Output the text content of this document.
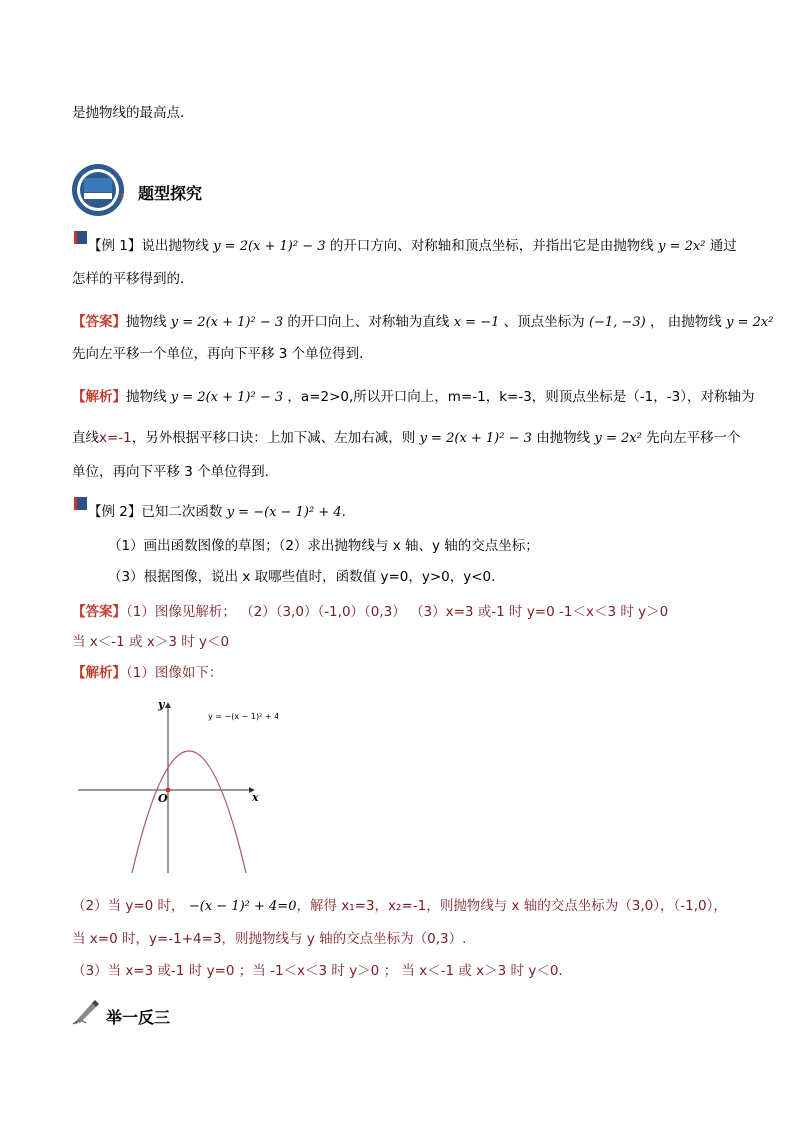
是抛物线的最高点．
题型探究
【例 1】说出抛物线 y = 2(x + 1)² − 3 的开口方向、对称轴和顶点坐标，并指出它是由抛物线 y = 2x² 通过
怎样的平移得到的．
【答案】抛物线 y = 2(x + 1)² − 3 的开口向上、对称轴为直线 x = −1 、顶点坐标为 (−1, −3) ， 由抛物线 y = 2x²
先向左平移一个单位，再向下平移 3 个单位得到．
【解析】抛物线 y = 2(x + 1)² − 3 ，a=2>0,所以开口向上，m=-1，k=-3，则顶点坐标是（-1，-3），对称轴为
直线x=-1，另外根据平移口诀：上加下减、左加右减，则 y = 2(x + 1)² − 3 由抛物线 y = 2x² 先向左平移一个
单位，再向下平移 3 个单位得到．
【例 2】已知二次函数 y = −(x − 1)² + 4.
（1）画出函数图像的草图；（2）求出抛物线与 x 轴、y 轴的交点坐标；
（3）根据图像，说出 x 取哪些值时，函数值 y=0，y>0，y<0.
【答案】（1）图像见解析； （2）（3,0）（-1,0）（0,3） （3）x=3 或-1 时 y=0 -1＜x＜3 时 y＞0
当 x＜-1 或 x＞3 时 y＜0
【解析】（1）图像如下：
x
y
O
y = −(x − 1)² + 4
（2）当 y=0 时， −(x − 1)² + 4=0，解得 x₁=3，x₂=-1，则抛物线与 x 轴的交点坐标为（3,0），（-1,0），
当 x=0 时，y=-1+4=3，则抛物线与 y 轴的交点坐标为（0,3）.
（3）当 x=3 或-1 时 y=0 ；当 -1＜x＜3 时 y＞0 ； 当 x＜-1 或 x＞3 时 y＜0.
举一反三
